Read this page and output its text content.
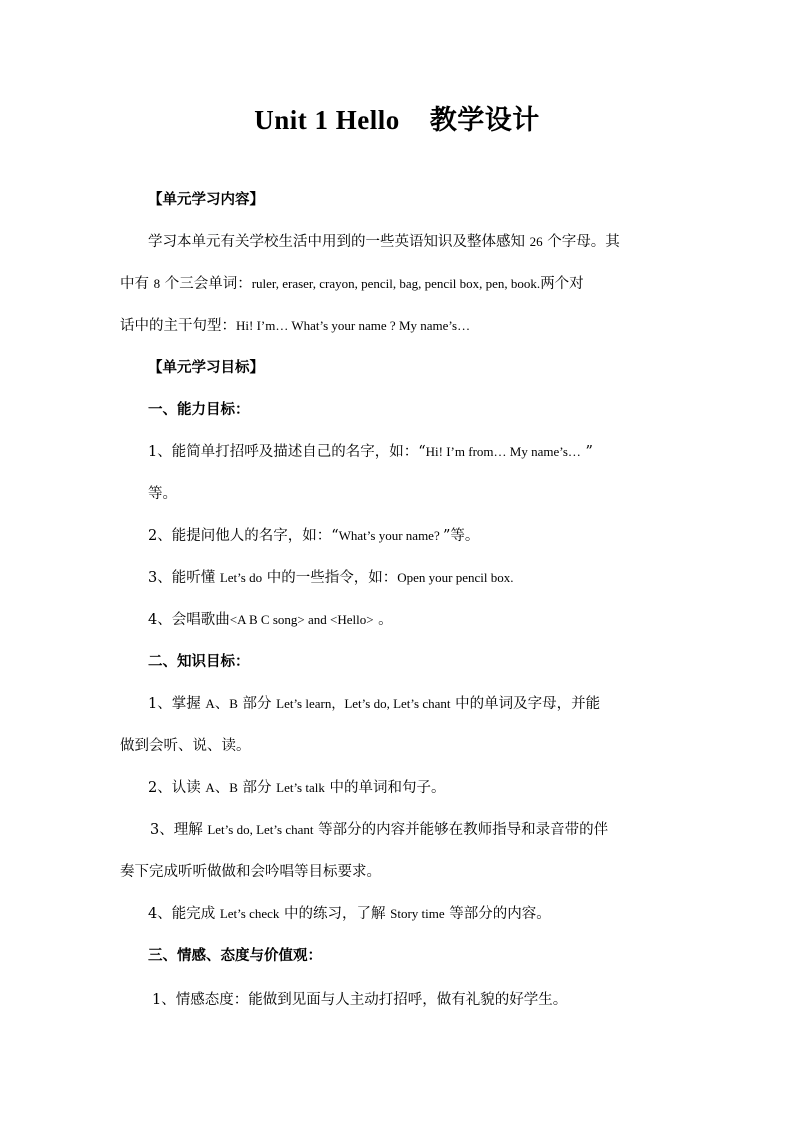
Unit 1 Hello 教学设计
【单元学习内容】
学习本单元有关学校生活中用到的一些英语知识及整体感知 26 个字母。其
中有 8 个三会单词：ruler, eraser, crayon, pencil, bag, pencil box, pen, book.两个对
话中的主干句型：Hi! I’m… What’s your name ? My name’s…
【单元学习目标】
一、能力目标：
1、能简单打招呼及描述自己的名字，如：“Hi! I’m from… My name’s… ”
等。
2、能提问他人的名字，如：“What’s your name? ”等。
3、能听懂 Let’s do 中的一些指令，如：Open your pencil box.
4、会唱歌曲<A B C song> and <Hello> 。
二、知识目标：
1、掌握 A、B 部分 Let’s learn，Let’s do, Let’s chant 中的单词及字母，并能
做到会听、说、读。
2、认读 A、B 部分 Let’s talk 中的单词和句子。
3、理解 Let’s do, Let’s chant 等部分的内容并能够在教师指导和录音带的伴
奏下完成听听做做和会吟唱等目标要求。
4、能完成 Let’s check 中的练习，了解 Story time 等部分的内容。
三、情感、态度与价值观：
1、情感态度：能做到见面与人主动打招呼，做有礼貌的好学生。
